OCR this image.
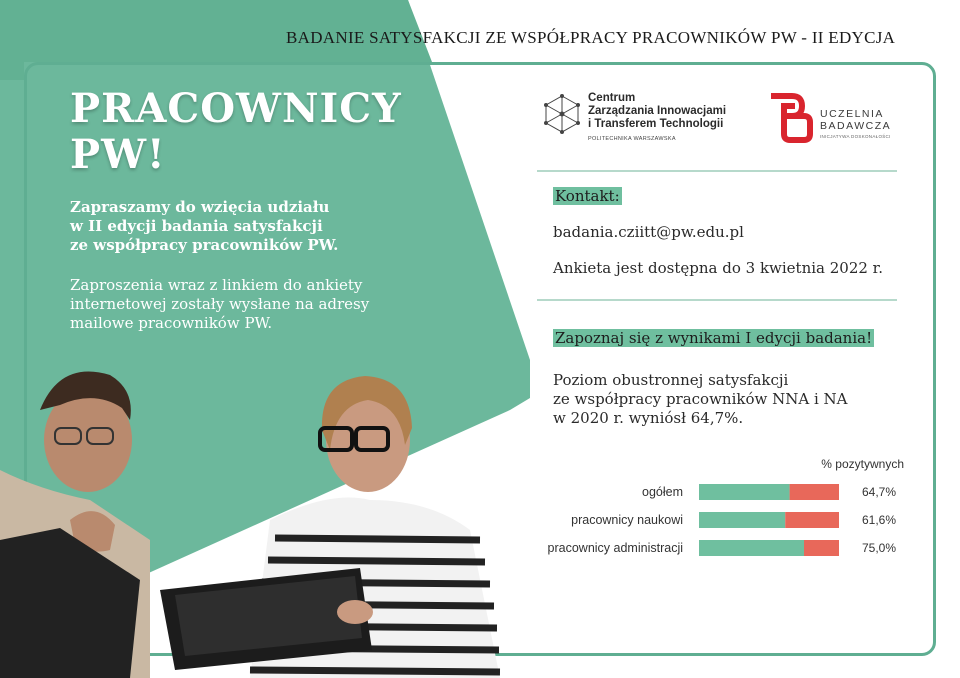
BADANIE SATYSFAKCJI ZE WSPÓŁPRACY PRACOWNIKÓW PW - II EDYCJA
PRACOWNICY
PW!
Zapraszamy do wzięcia udziału
w II edycji badania satysfakcji
ze współpracy pracowników PW.
Zaproszenia wraz z linkiem do ankiety
internetowej zostały wysłane na adresy
mailowe pracowników PW.
Centrum
Zarządzania Innowacjami
i Transferem Technologii
POLITECHNIKA WARSZAWSKA
UCZELNIA
BADAWCZA
INICJATYWA DOSKONAŁOŚCI
Kontakt:
badania.cziitt@pw.edu.pl
Ankieta jest dostępna do 3 kwietnia 2022 r.
Zapoznaj się z wynikami I edycji badania!
Poziom obustronnej satysfakcji
ze współpracy pracowników NNA i NA
w 2020 r. wyniósł 64,7%.
% pozytywnych
ogółem	64,7%
pracownicy naukowi	61,6%
pracownicy administracji	75,0%
